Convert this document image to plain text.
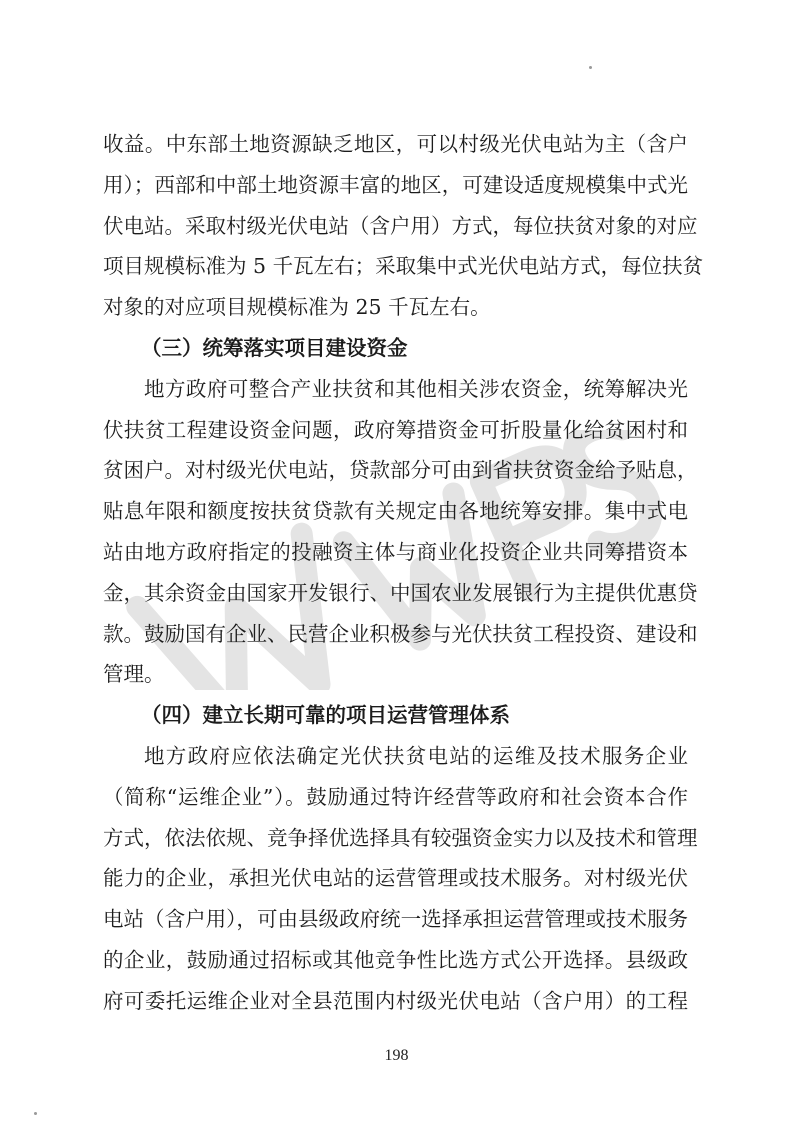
收益。中东部土地资源缺乏地区，可以村级光伏电站为主（含户
用）；西部和中部土地资源丰富的地区，可建设适度规模集中式光
伏电站。采取村级光伏电站（含户用）方式，每位扶贫对象的对应
项目规模标准为 5 千瓦左右；采取集中式光伏电站方式，每位扶贫
对象的对应项目规模标准为 25 千瓦左右。
（三）统筹落实项目建设资金
地方政府可整合产业扶贫和其他相关涉农资金，统筹解决光
伏扶贫工程建设资金问题，政府筹措资金可折股量化给贫困村和
贫困户。对村级光伏电站，贷款部分可由到省扶贫资金给予贴息，
贴息年限和额度按扶贫贷款有关规定由各地统筹安排。集中式电
站由地方政府指定的投融资主体与商业化投资企业共同筹措资本
金，其余资金由国家开发银行、中国农业发展银行为主提供优惠贷
款。鼓励国有企业、民营企业积极参与光伏扶贫工程投资、建设和
管理。
（四）建立长期可靠的项目运营管理体系
地方政府应依法确定光伏扶贫电站的运维及技术服务企业
（简称“运维企业”）。鼓励通过特许经营等政府和社会资本合作
方式，依法依规、竞争择优选择具有较强资金实力以及技术和管理
能力的企业，承担光伏电站的运营管理或技术服务。对村级光伏
电站（含户用），可由县级政府统一选择承担运营管理或技术服务
的企业，鼓励通过招标或其他竞争性比选方式公开选择。县级政
府可委托运维企业对全县范围内村级光伏电站（含户用）的工程
198
